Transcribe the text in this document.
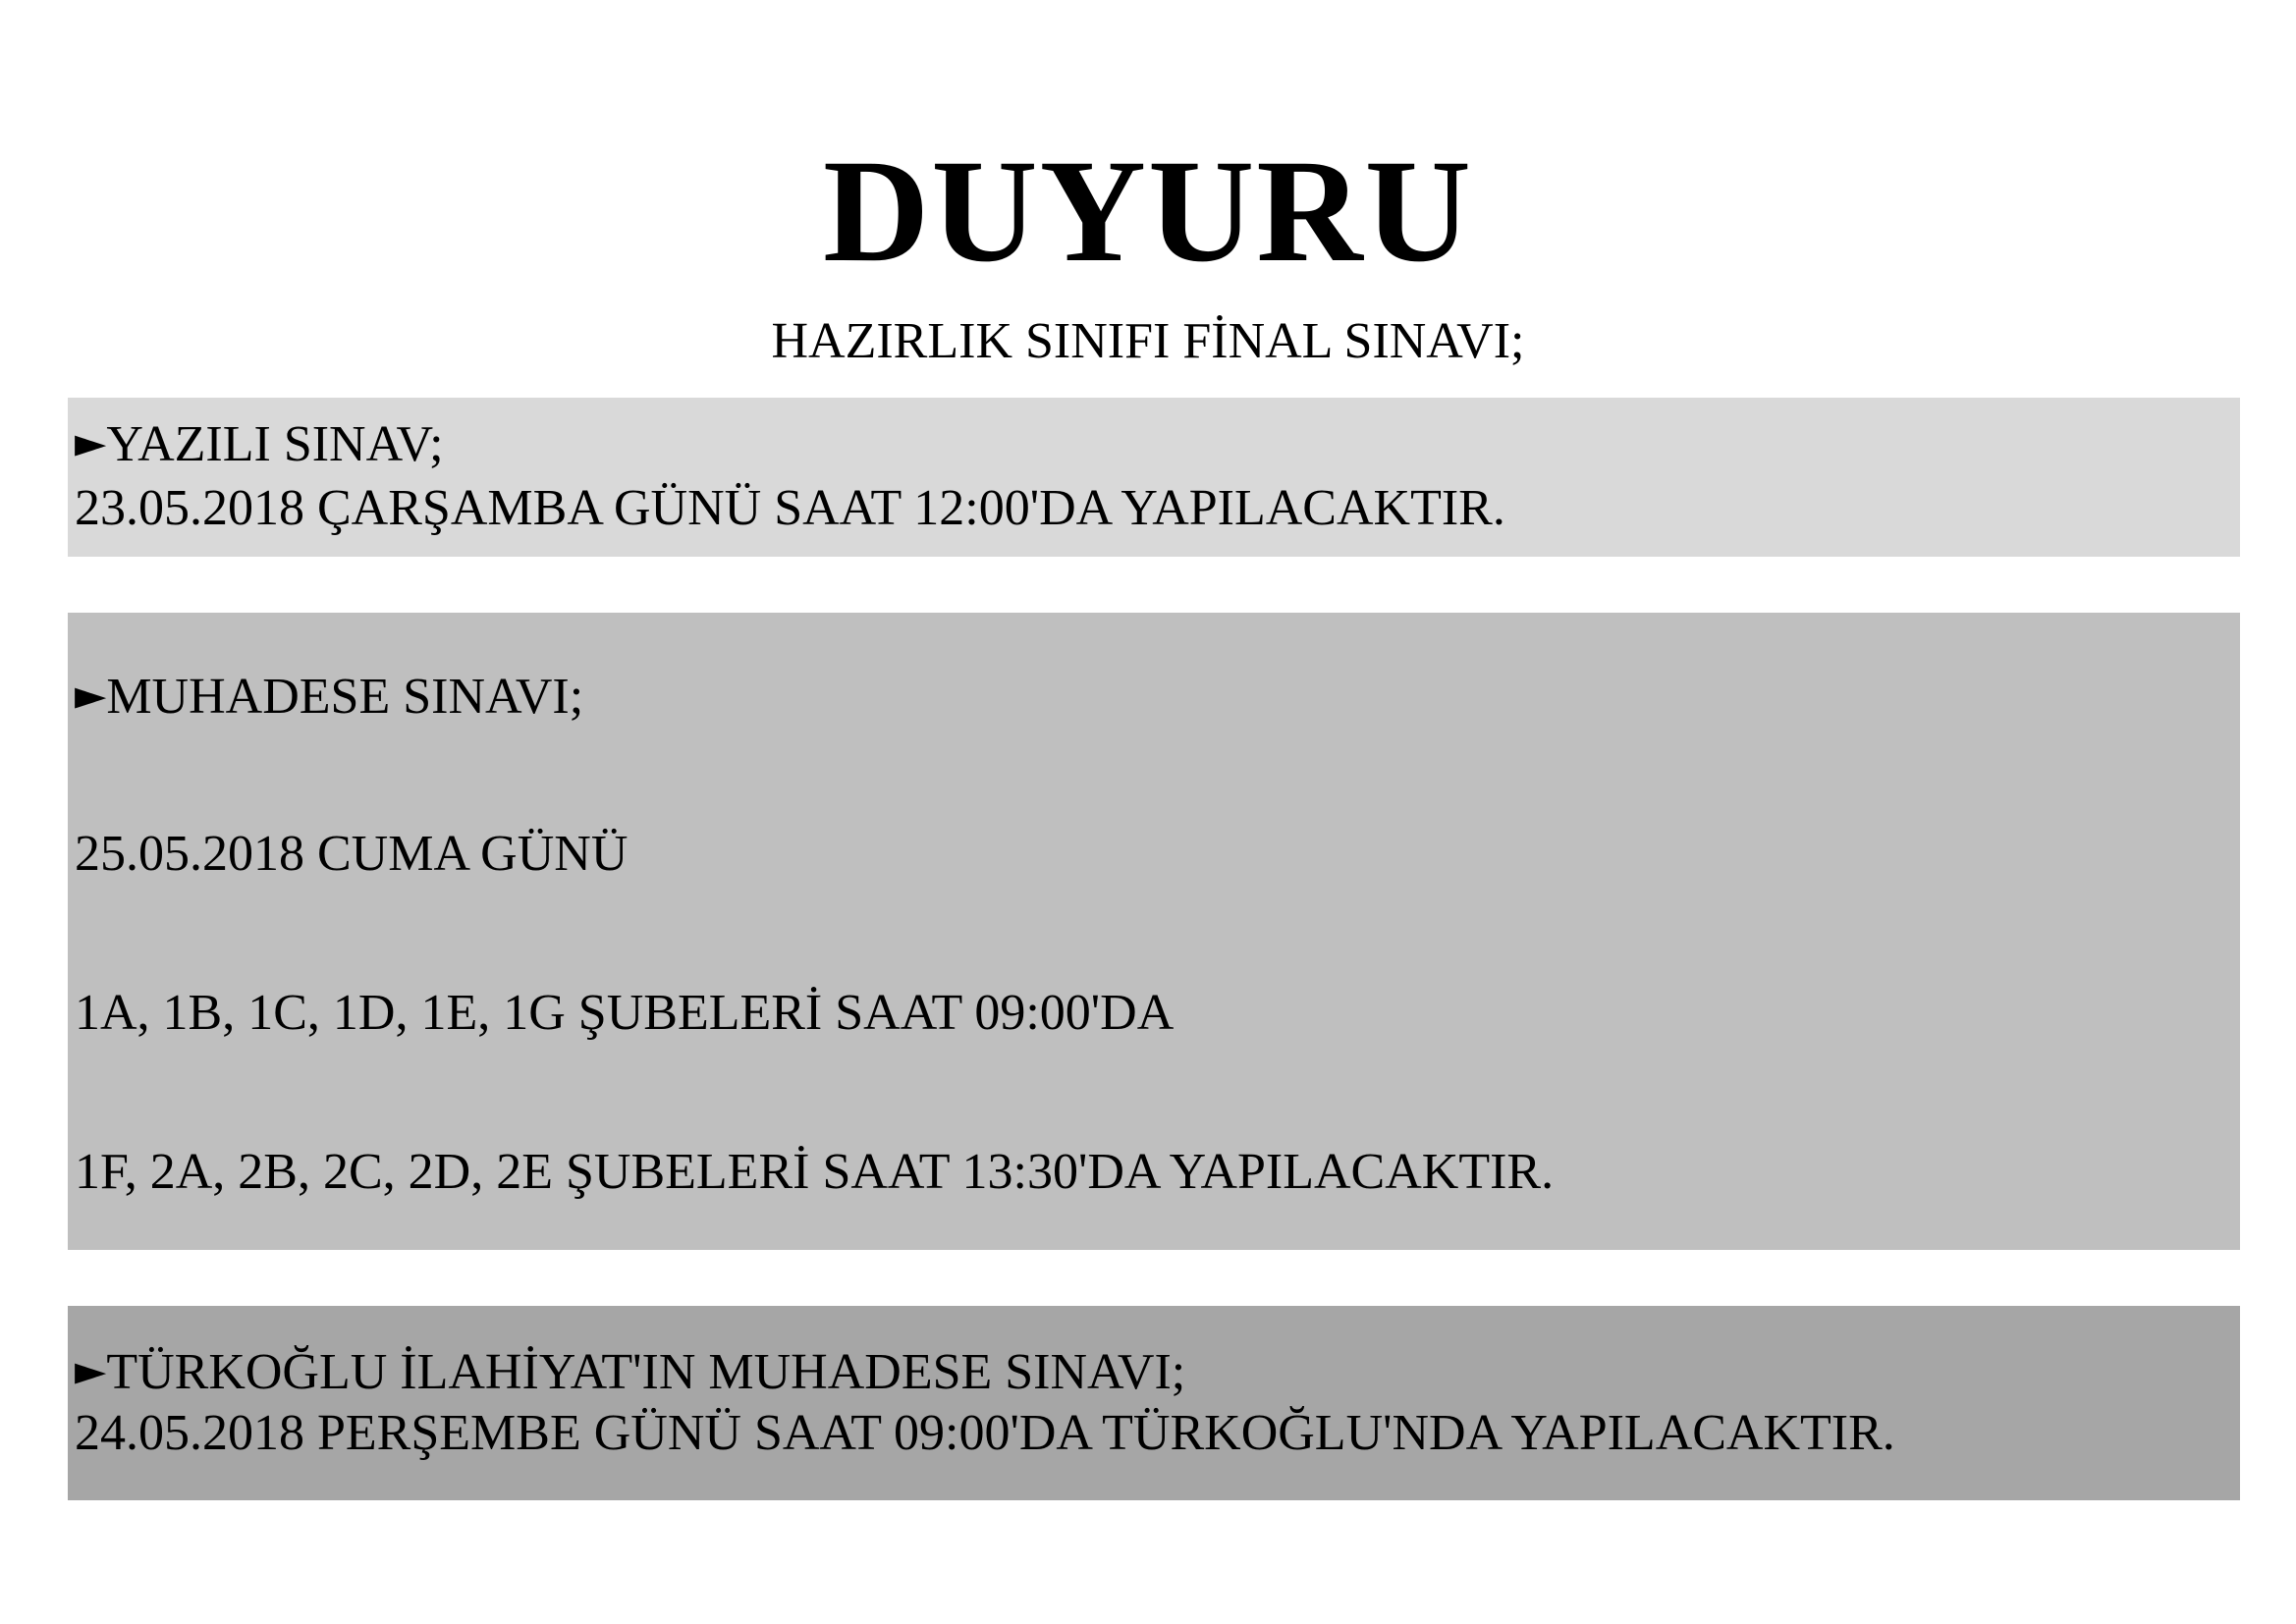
DUYURU
HAZIRLIK SINIFI FİNAL SINAVI;
►YAZILI SINAV;
23.05.2018 ÇARŞAMBA GÜNÜ SAAT 12:00'DA YAPILACAKTIR.
►MUHADESE SINAVI;
25.05.2018 CUMA GÜNÜ
1A, 1B, 1C, 1D, 1E, 1G ŞUBELERİ SAAT 09:00'DA
1F, 2A, 2B, 2C, 2D, 2E ŞUBELERİ SAAT 13:30'DA YAPILACAKTIR.
►TÜRKOĞLU İLAHİYAT'IN MUHADESE SINAVI;
24.05.2018 PERŞEMBE GÜNÜ SAAT 09:00'DA TÜRKOĞLU'NDA YAPILACAKTIR.
